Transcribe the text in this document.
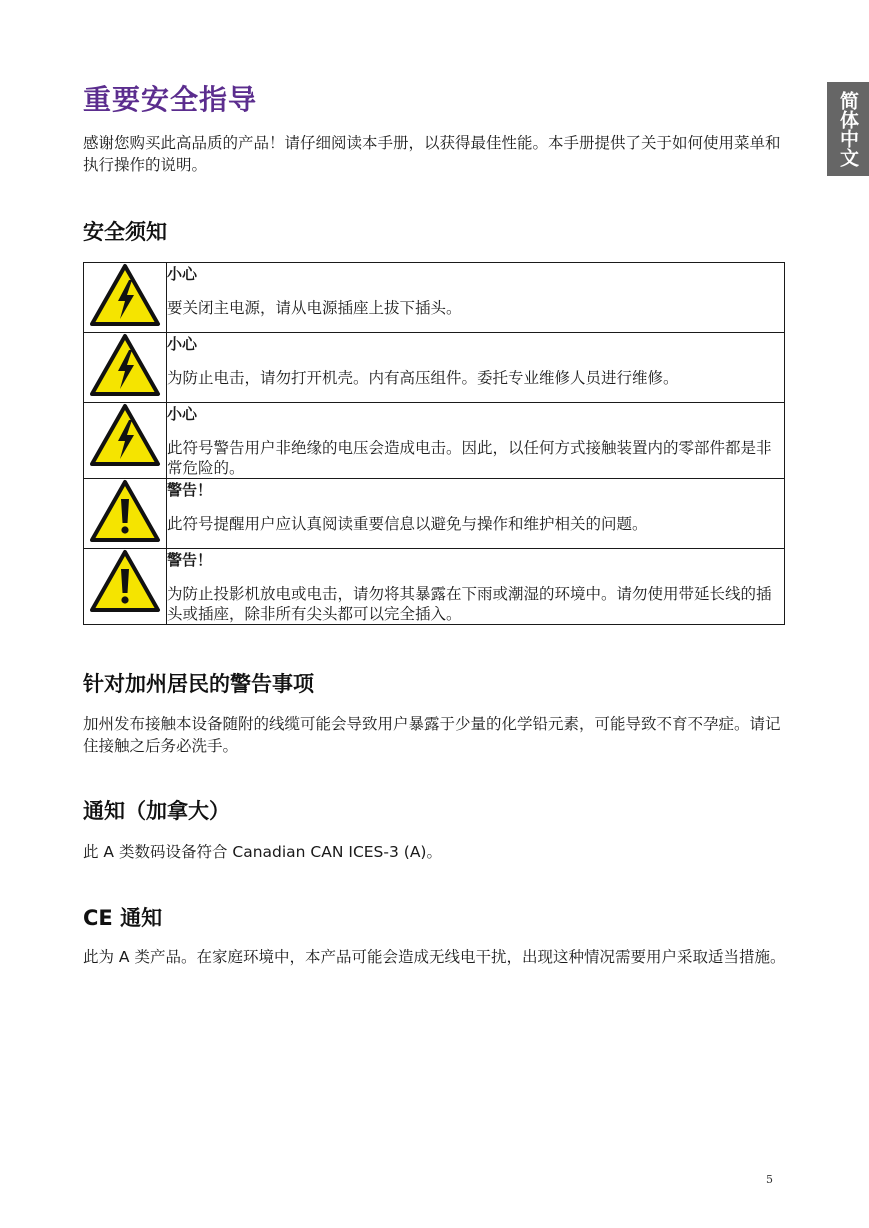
重要安全指导	简体中文

感谢您购买此高品质的产品！请仔细阅读本手册，以获得最佳性能。本手册提供了关于如何使用菜单和执行操作的说明。

安全须知

小心
要关闭主电源，请从电源插座上拔下插头。

小心
为防止电击，请勿打开机壳。内有高压组件。委托专业维修人员进行维修。

小心
此符号警告用户非绝缘的电压会造成电击。因此，以任何方式接触装置内的零部件都是非常危险的。

警告！
此符号提醒用户应认真阅读重要信息以避免与操作和维护相关的问题。

警告！
为防止投影机放电或电击，请勿将其暴露在下雨或潮湿的环境中。请勿使用带延长线的插头或插座，除非所有尖头都可以完全插入。
针对加州居民的警告事项

加州发布接触本设备随附的线缆可能会导致用户暴露于少量的化学铅元素，可能导致不育不孕症。请记住接触之后务必洗手。

通知（加拿大）

此 A 类数码设备符合 Canadian CAN ICES-3 (A)。

CE 通知

此为 A 类产品。在家庭环境中，本产品可能会造成无线电干扰，出现这种情况需要用户采取适当措施。

5
